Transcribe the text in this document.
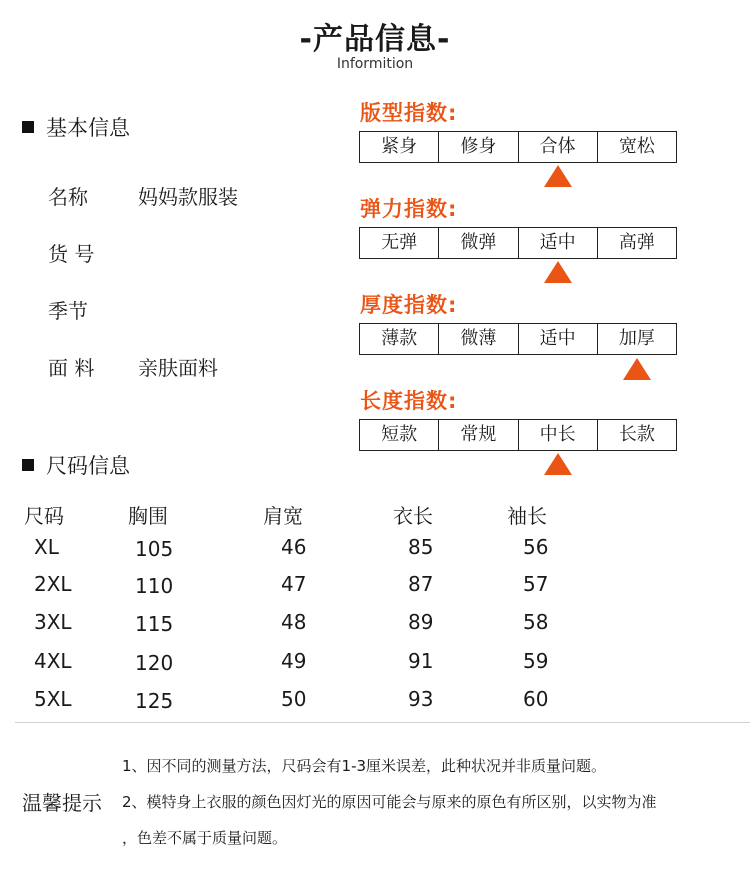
-产品信息-
Informition
基本信息
名称	妈妈款服装
货 号
季节
面 料 亲肤面料
版型指数:
紧身	修身	合体	宽松
弹力指数:
无弹	微弹	适中	高弹
厚度指数:
薄款	微薄	适中	加厚
长度指数:
短款	常规	中长	长款
尺码信息
尺码	胸围	肩宽	衣长	袖长
XL	105	46	85	56
2XL	110	47	87	57
3XL	115	48	89	58
4XL	120	49	91	59
5XL	125	50	93	60
1、因不同的测量方法，尺码会有1-3厘米误差，此种状况并非质量问题。
温馨提示 2、模特身上衣服的颜色因灯光的原因可能会与原来的原色有所区别，以实物为准
，色差不属于质量问题。
